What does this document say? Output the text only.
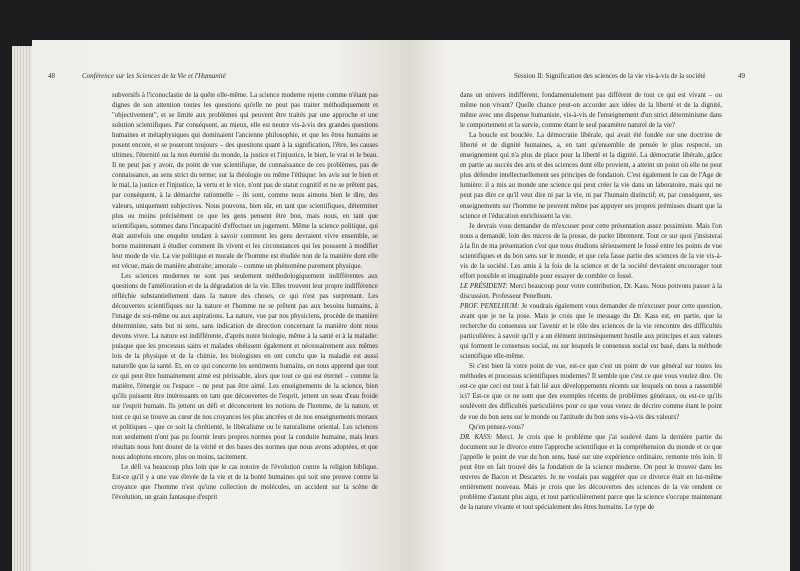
48	Conférence sur les Sciences de la Vie et l'Humanité

subversifs à l'iconoclastie de la quête elle-même. La science moderne rejette comme n'étant pas dignes de son attention toutes les questions qu'elle ne peut pas traiter méthodiquement et "objectivement", et se limite aux problèmes qui peuvent être traités par une approche et une solution scientifiques. Par conséquent, au mieux, elle est neutre vis-à-vis des grandes questions humaines et métaphysiques qui dominaient l'ancienne philosophie, et que les êtres humains se posent encore, et se poseront toujours – des questions quant à la signification, l'être, les causes ultimes, l'éternité ou la non éternité du monde, la justice et l'injustice, le bien, le vrai et le beau. Il ne peut pas y avoir, du point de vue scientifique, de connaissance de ces problèmes, pas de connaissance, au sens strict du terme; sur la théologie ou même l'éthique: les avis sur le bien et le mal, la justice et l'injustice, la vertu et le vice, n'ont pas de statut cognitif et ne se prêtent pas, par conséquent, à la démarche rationnelle – ils sont, comme nous aimons bien le dire, des valeurs, uniquement subjectives. Nous pouvons, bien sûr, en tant que scientifiques, déterminer plus ou moins précisément ce que les gens pensent être bon, mais nous, en tant que scientifiques, sommes dans l'incapacité d'effectuer un jugement. Même la science politique, qui était autrefois une enquête tendant à savoir comment les gens devraient vivre ensemble, se borne maintenant à étudier comment ils vivent et les circonstances qui les poussent à modifier leur mode de vie. La vie politique et morale de l'homme est étudiée non de la manière dont elle est vécue, mais de manière abstraite; amorale – comme un phénomène purement physique.

Les sciences modernes ne sont pas seulement méthodologiquement indifférentes aux questions de l'amélioration et de la dégradation de la vie. Elles trouvent leur propre indifférence réfléchie substantiellement dans la nature des choses, ce qui n'est pas surprenant. Les découvertes scientifiques sur la nature et l'homme ne se prêtent pas aux besoins humains, à l'image de soi-même ou aux aspirations. La nature, vue par nos physiciens, procède de manière déterministe, sans but ni sens, sans indication de direction concernant la manière dont nous devons vivre. La nature est indifférente, d'après notre biologie, même à la santé et à la maladie: puisque que les processus sains et malades obéissent également et nécessairement aux mêmes lois de la physique et de la chimie, les biologistes en ont conclu que la maladie est aussi naturelle que la santé. Et, en ce qui concerne les sentiments humains, on nous apprend que tout ce qui peut être humainement aimé est périssable, alors que tout ce qui est éternel – comme la matière, l'énergie ou l'espace – ne peut pas être aimé. Les enseignements de la science, bien qu'ils puissent être intéressants en tant que découvertes de l'esprit, jettent un seau d'eau froide sur l'esprit humain. Ils jettent un défi et déconcertent les notions de l'homme, de la nature, et tout ce qui se trouve au cœur de nos croyances les plus ancrées et de nos enseignements moraux et politiques – que ce soit la chrétienté, le libéralisme ou le naturalisme oriental. Les sciences non seulement n'ont pas pu fournir leurs propres normes pour la conduite humaine, mais leurs résultats nous font douter de la vérité et des bases des normes que nous avons adoptées, et que nous adoptons encore, plus ou moins, tacitement.

Le défi va beaucoup plus loin que le cas notoire de l'évolution contre la religion biblique. Est-ce qu'il y a une vue élevée de la vie et de la bonté humaines qui soit une preuve contre la croyance que l'homme n'est qu'une collection de molécules, un accident sur la scène de l'évolution, un grain fantasque d'esprit

Session II: Signification des sciences de la vie vis-à-vis de la société	49

dans un univers indifférent, fondamentalement pas différent de tout ce qui est vivant – ou même non vivant? Quelle chance peut-on accorder aux idées de la liberté et de la dignité, même avec une dispense humaniste, vis-à-vis de l'enseignement d'un strict déterminisme dans le comportement et la survie, comme étant le seul paramètre naturel de la vie?

La boucle est bouclée. La démocratie libérale, qui avait été fondée sur une doctrine de liberté et de dignité humaines, a, en tant qu'ensemble de pensée le plus respecté, un enseignement qui n'a plus de place pour la liberté et la dignité. La démocratie libérale, grâce en partie au succès des arts et des sciences dont elle provient, a atteint un point où elle ne peut plus défendre intellectuellement ses principes de fondation. C'est également le cas de l'Age de lumière: il a mis au monde une science qui peut créer la vie dans un laboratoire, mais qui ne peut pas dire ce qu'il veut dire ni par la vie, ni par l'humain distinctif; et, par conséquent, ses enseignements sur l'homme ne peuvent même pas appuyer ses propres prémisses disant que la science et l'éducation enrichissent la vie.

Je devrais vous demander de m'excuser pour cette présentation assez pessimiste. Mais l'on nous a demandé, loin des micros de la presse, de parler librement. Tout ce sur quoi j'insisterai à la fin de ma présentation c'est que nous étudions sérieusement le fossé entre les points de vue scientifiques et du bon sens sur le monde, et que cela fasse partie des sciences de la vie vis-à-vis de la société. Les amis à la fois de la science et de la société devraient encourager tout effort possible et imaginable pour essayer de combler ce fossé.

LE PRÉSIDENT: Merci beaucoup pour votre contribution, Dr. Kass. Nous pouvons passer à la discussion. Professeur Penelhum.

PROF. PENELHUM: Je voudrais également vous demander de m'excuser pour cette question, avant que je ne la pose. Mais je crois que le message du Dr. Kass est, en partie, que la recherche du consensus sur l'avenir et le rôle des sciences de la vie rencontre des difficultés particulières: à savoir qu'il y a un élément intrinsèquement hostile aux principes et aux valeurs qui forment le consensus social, ou sur lesquels le consensus social est basé, dans la méthode scientifique elle-même.

Si c'est bien là votre point de vue, est-ce que c'est un point de vue général sur toutes les méthodes et processus scientifiques modernes? Il semble que c'est ce que vous voulez dire. Ou est-ce que ceci est tout à fait lié aux développements récents sur lesquels on nous a rassemblé ici? Est-ce que ce ne sont que des exemples récents de problèmes généraux, ou est-ce qu'ils soulèvent des difficultés particulières pour ce que vous venez de décrire comme étant le point de vue du bon sens sur le monde ou l'attitude du bon sens vis-à-vis des valeurs?

Qu'en pensez-vous?

DR. KASS: Merci. Je crois que le problème que j'ai soulevé dans la dernière partie du document sur le divorce entre l'approche scientifique et la compréhension du monde et ce que j'appelle le point de vue du bon sens, basé sur une expérience ordinaire, remonte très loin. Il peut être en fait trouvé dès la fondation de la science moderne. On peut le trouver dans les œuvres de Bacon et Descartes. Je ne voulais pas suggérer que ce divorce était en lui-même entièrement nouveau. Mais je crois que les découvertes des sciences de la vie rendent ce problème d'autant plus aigu, et tout particulièrement parce que la science s'occupe maintenant de la nature vivante et tout spécialement des êtres humains. Le type de
